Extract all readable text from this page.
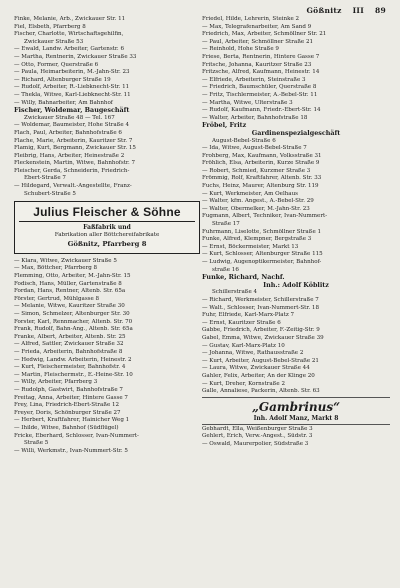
Gößnitz III 89
Finke, Melanie, Arb., Zwickauer Str. 11
Fiel, Elsbeth, Pfarrberg 8
Fischer, Charlotte, Wirtschaftsgehilfin,
Zwickauer Straße 53
— Ewald, Landw. Arbeiter, Gartenstr. 6
— Martha, Rentnerin, Zwickauer Straße 33
— Otto, Former, Querstraße 6
— Paula, Heimarbeiterin, M.-Jahn-Str. 23
— Richard, Altenburger Straße 19
— Rudolf, Arbeiter, R.-Liebknecht-Str. 11
— Thekla, Witwe, Karl-Liebknecht-Str. 11
— Willy, Bahnarbeiter, Am Bahnhof
Fischer, Woldemar, Baugeschäft
Zwickauer Straße 48 — Tel. 167
— Woldemar, Baumeister, Hohe Straße 4
Flach, Paul, Arbeiter, Bahnhofstraße 6
Flache, Marie, Arbeiterin, Kauritzer Str. 7
Flamig, Kurt, Bergmann, Zwickauer Str. 15
Fleibrig, Hans, Arbeiter, Heinestraße 2
Fleckenstein, Martin, Witwe, Bahnhofstr. 7
Fleischer, Gerda, Schneiderin, Friedrich-
Ebert-Straße 7
— Hildegard, Verwalt.-Angestellte, Franz-
Schubert-Straße 5
Julius Fleischer & Söhne
Faßfabrik und
Fabrikation aller Böttchereifabrikate
Gößnitz, Pfarrberg 8
— Klara, Witwe, Zwickauer Straße 5
— Max, Böttcher, Pfarrberg 8
Flemming, Otto, Arbeiter, M.-Jahn-Str. 15
Fodisch, Hans, Müller, Gartenstraße 8
Fordan, Hans, Rentner, Altenb. Str. 65a
Förster, Gertrud, Mühlgasse 8
— Melanie, Witwe, Kauritzer Straße 30
— Simon, Schmelzer, Altenburger Str. 30
Forster, Karl, Rennmacher, Altenb. Str. 70
Frank, Rudolf, Bahn-Ang., Altenb. Str. 65a
Franke, Albert, Arbeiter, Altenb. Str. 25
— Alfred, Sattler, Zwickauer Straße 32
— Frieda, Arbeiterin, Bahnhofstraße 8
— Hedwig, Landw. Arbeiterin, Heinestr. 2
— Kurt, Fleischermeister, Bahnhofstr. 4
— Martin, Fleischermstr., E.-Heine-Str. 10
— Willy, Arbeiter, Pfarrberg 3
— Rudolph, Gastwirt, Bahnhofstraße 7
Freitag, Anna, Arbeiter, Hintere Gasse 7
Frey, Lina, Friedrich-Ebert-Straße 12
Freyer, Doris, Schönburger Straße 27
— Herbert, Kraftfahrer, Hainicher Weg 1
— Ihilde, Witwe, Bahnhof (Südflügel)
Fricke, Eberhard, Schlosser, Ivan-Nummert-
Straße 5
— Willi, Werkmstr., Ivan-Nummert-Str. 5
Friedel, Hilde, Lehrerin, Steinke 2
— Max, Telegrafenarbeiter, Am Sand 9
Friedrich, Max, Arbeiter, Schmöllner Str. 21
— Paul, Arbeiter, Schmöllner Straße 21
— Reinhold, Hohe Straße 9
Friese, Berta, Rentnerin, Hintere Gasse 7
Fritsche, Johanna, Kauritzer Straße 23
Fritzsche, Alfred, Kaufmann, Heinestr. 14
— Elfriede, Arbeiterin, Steinstraße 3
— Friedrich, Baumschüler, Querstraße 8
— Fritz, Tischlermeister, A.-Bebel-Str. 11
— Martha, Witwe, Ulterstraße 3
— Rudolf, Kaufmann, Friedr.-Ebert-Str. 14
— Walter, Arbeiter, Bahnhofstraße 18
Fröbel, Fritz
Gardinenspezialgeschäft
August-Bebel-Straße 6
— Ida, Witwe, August-Bebel-Straße 7
Frohberg, Max, Kaufmann, Volksstraße 31
Fröhlich, Elsa, Arbeiterin, Kurze Straße 9
— Robert, Schmied, Kurzmer Straße 3
Frömmig, Rolf, Kraftfahrer, Altenb. Str. 33
Fuchs, Heinz, Maurer, Altenburg Str. 119
— Kurt, Werkmeister, Am Oelhaus
— Walter, kfm. Angest., A.-Bebel-Str. 29
— Walter, Obermelker, M.-Jahn-Str. 23
Fugmann, Albert, Techniker, Ivan-Nummert-
Straße 17
Fuhrmann, Liselotte, Schmöllner Straße 1
Funke, Alfred, Klempner, Bergstraße 3
— Ernst, Böckermeister, Markt 13
— Kurt, Schlosser, Altenburger Straße 115
— Ludwig, Augenoptikermeister, Bahnhof-
straße 16
Funke, Richard, Nachf.
Inh.: Adolf Köblitz
Schillerstraße 4
— Richard, Werkmeister, Schillerstraße 7
— Walt., Schlosser, Ivan-Nummert-Str. 18
Fuhr, Elfriede, Karl-Marx-Platz 7
— Ernst, Kauritzer Straße 6
Gabbe, Friedrich, Arbeiter, F.-Zeitig-Str. 9
Gabel, Emma, Witwe, Zwickauer Straße 39
— Gustav, Karl-Marx-Platz 10
— Johanna, Witwe, Rathausstraße 2
— Kurt, Arbeiter, August-Bebel-Straße 21
— Laura, Witwe, Zwickauer Straße 44
Gahler, Felix, Arbeiter, An der Klinge 20
— Kurt, Dreher, Kornstraße 2
Galle, Annaliese, Packerin, Altenb. Str. 63
„Gambrinus“
Inh. Adolf Manz, Markt 8
Gebhardt, Ella, Weißenburger Straße 3
Gehlert, Erich, Verw.-Angest., Südstr. 3
— Oswald, Maurerpolier, Südstraße 3
